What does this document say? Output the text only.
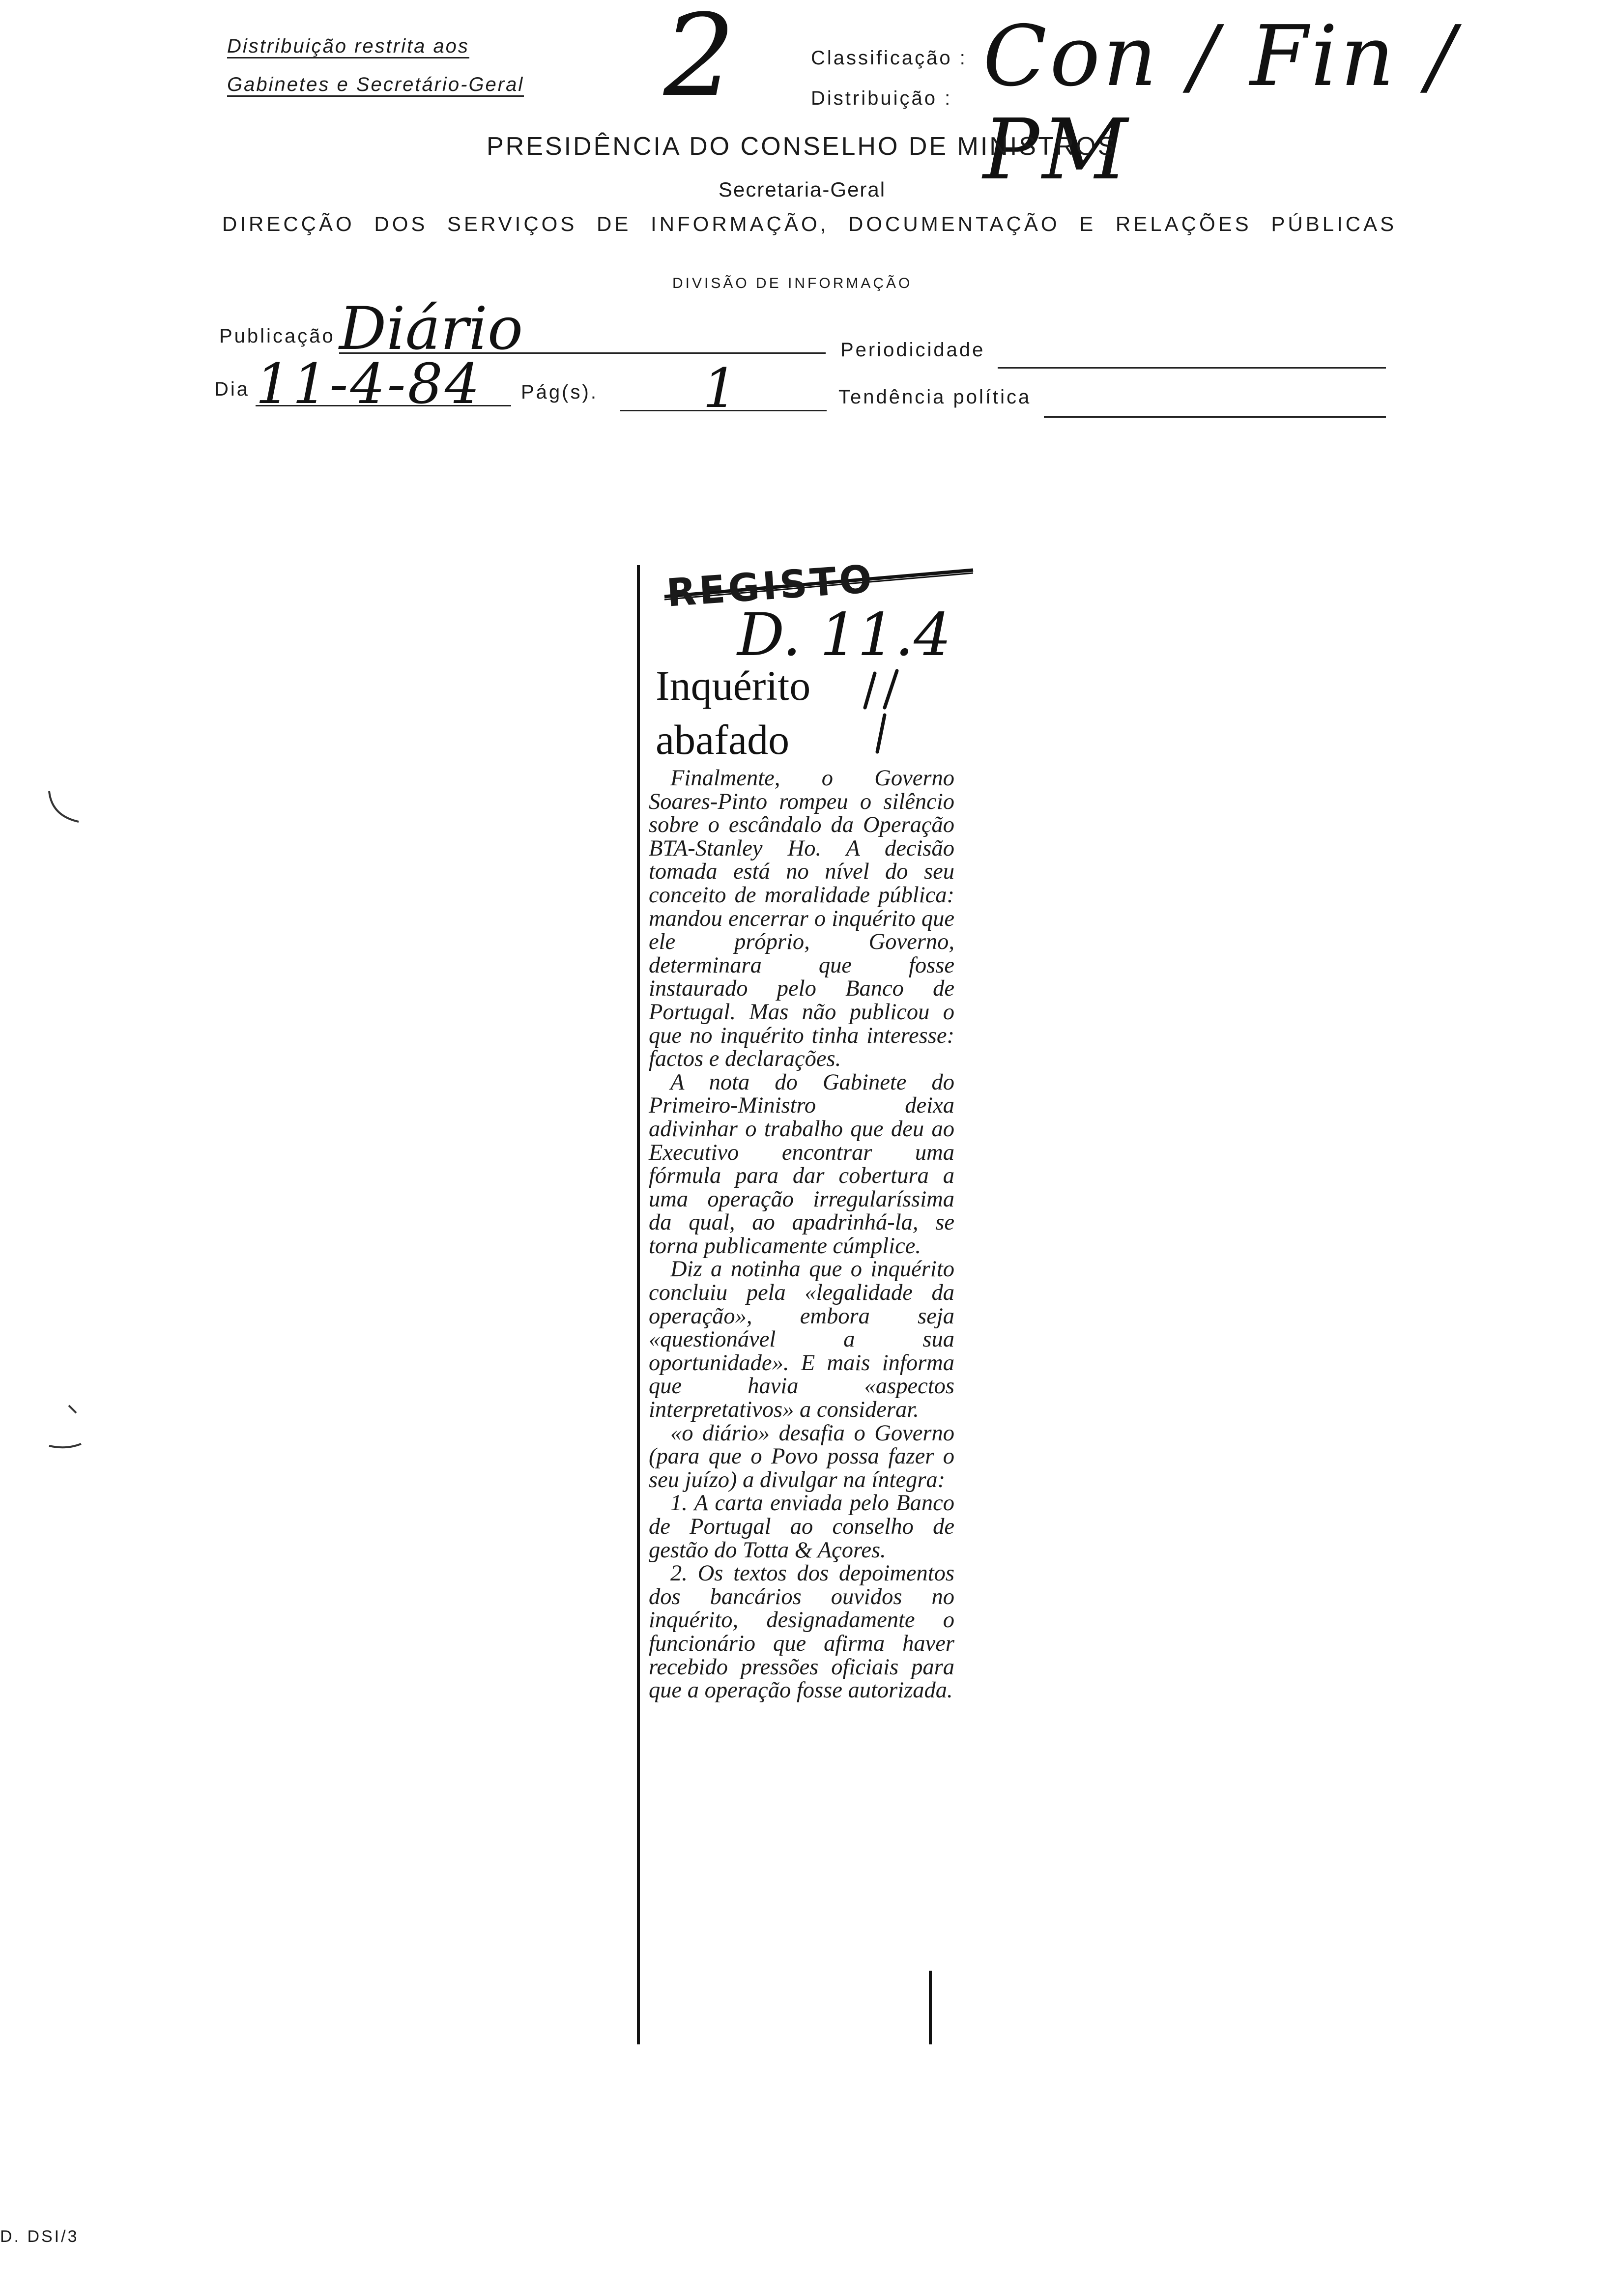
Distribuição restrita aos
Gabinetes e Secretário-Geral 2	Classificação : Con / Fin / PM
Distribuição :
PRESIDÊNCIA DO CONSELHO DE MINISTROS
Secretaria-Geral
DIRECÇÃO DOS SERVIÇOS DE INFORMAÇÃO, DOCUMENTAÇÃO E RELAÇÕES PÚBLICAS
DIVISÃO DE INFORMAÇÃO
Publicação Diário	Periodicidade
Dia 11-4-84 Pág(s). 1	Tendência política
REGISTO
D. 11.4
Inquérito
abafado

Finalmente, o Governo Soares-Pinto rompeu o silêncio sobre o escândalo da Operação BTA-Stanley Ho. A decisão tomada está no nível do seu conceito de moralidade pública: mandou encerrar o inquérito que ele próprio, Governo, determinara que fosse instaurado pelo Banco de Portugal. Mas não publicou o que no inquérito tinha interesse: factos e declarações.

A nota do Gabinete do Primeiro-Ministro deixa adivinhar o trabalho que deu ao Executivo encontrar uma fórmula para dar cobertura a uma operação irregularíssima da qual, ao apadrinhá-la, se torna publicamente cúmplice.

Diz a notinha que o inquérito concluiu pela «legalidade da operação», embora seja «questionável a sua oportunidade». E mais informa que havia «aspectos interpretativos» a considerar.

«o diário» desafia o Governo (para que o Povo possa fazer o seu juízo) a divulgar na íntegra:

1. A carta enviada pelo Banco de Portugal ao conselho de gestão do Totta & Açores.

2. Os textos dos depoimentos dos bancários ouvidos no inquérito, designadamente o funcionário que afirma haver recebido pressões oficiais para que a operação fosse autorizada.

D. DSI/3
